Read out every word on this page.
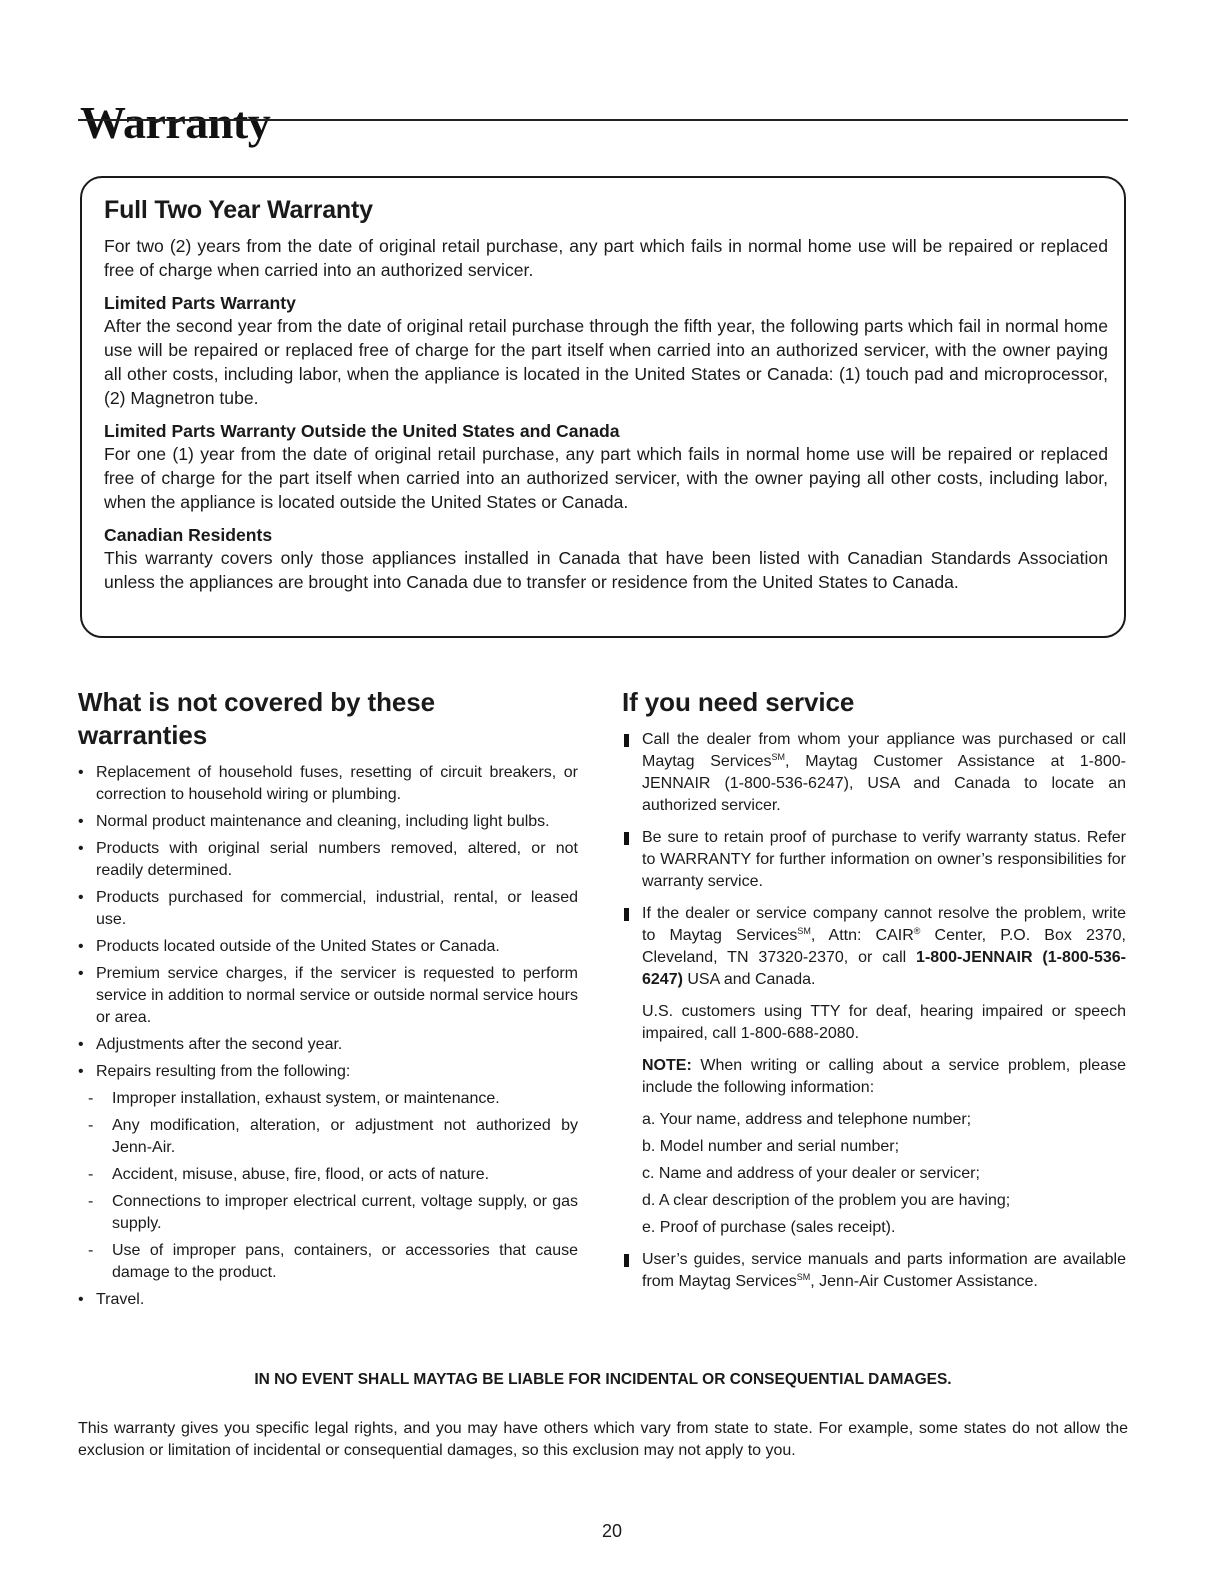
Warranty
Full Two Year Warranty

For two (2) years from the date of original retail purchase, any part which fails in normal home use will be repaired or replaced free of charge when carried into an authorized servicer.

Limited Parts Warranty

After the second year from the date of original retail purchase through the fifth year, the following parts which fail in normal home use will be repaired or replaced free of charge for the part itself when carried into an authorized servicer, with the owner paying all other costs, including labor, when the appliance is located in the United States or Canada: (1) touch pad and microprocessor, (2) Magnetron tube.

Limited Parts Warranty Outside the United States and Canada

For one (1) year from the date of original retail purchase, any part which fails in normal home use will be repaired or replaced free of charge for the part itself when carried into an authorized servicer, with the owner paying all other costs, including labor, when the appliance is located outside the United States or Canada.

Canadian Residents

This warranty covers only those appliances installed in Canada that have been listed with Canadian Standards Association unless the appliances are brought into Canada due to transfer or residence from the United States to Canada.

What is not covered by these warranties
• Replacement of household fuses, resetting of circuit breakers, or correction to household wiring or plumbing.
• Normal product maintenance and cleaning, including light bulbs.
• Products with original serial numbers removed, altered, or not readily determined.
• Products purchased for commercial, industrial, rental, or leased use.
• Products located outside of the United States or Canada.
• Premium service charges, if the servicer is requested to perform service in addition to normal service or outside normal service hours or area.
• Adjustments after the second year.
• Repairs resulting from the following:
- Improper installation, exhaust system, or maintenance.
- Any modification, alteration, or adjustment not authorized by Jenn-Air.
- Accident, misuse, abuse, fire, flood, or acts of nature.
- Connections to improper electrical current, voltage supply, or gas supply.
- Use of improper pans, containers, or accessories that cause damage to the product.
• Travel.
If you need service
Call the dealer from whom your appliance was purchased or call Maytag Services℠, Maytag Customer Assistance at 1-800-JENNAIR (1-800-536-6247), USA and Canada to locate an authorized servicer.
Be sure to retain proof of purchase to verify warranty status. Refer to WARRANTY for further information on owner’s responsibilities for warranty service.
If the dealer or service company cannot resolve the problem, write to Maytag Services℠, Attn: CAIR® Center, P.O. Box 2370, Cleveland, TN 37320-2370, or call 1-800-JENNAIR (1-800-536-6247) USA and Canada.

U.S. customers using TTY for deaf, hearing impaired or speech impaired, call 1-800-688-2080.

NOTE: When writing or calling about a service problem, please include the following information:

a. Your name, address and telephone number;
b. Model number and serial number;
c. Name and address of your dealer or servicer;
d. A clear description of the problem you are having;
e. Proof of purchase (sales receipt).
User’s guides, service manuals and parts information are available from Maytag Services℠, Jenn-Air Customer Assistance.
IN NO EVENT SHALL MAYTAG BE LIABLE FOR INCIDENTAL OR CONSEQUENTIAL DAMAGES.

This warranty gives you specific legal rights, and you may have others which vary from state to state. For example, some states do not allow the exclusion or limitation of incidental or consequential damages, so this exclusion may not apply to you.

20
